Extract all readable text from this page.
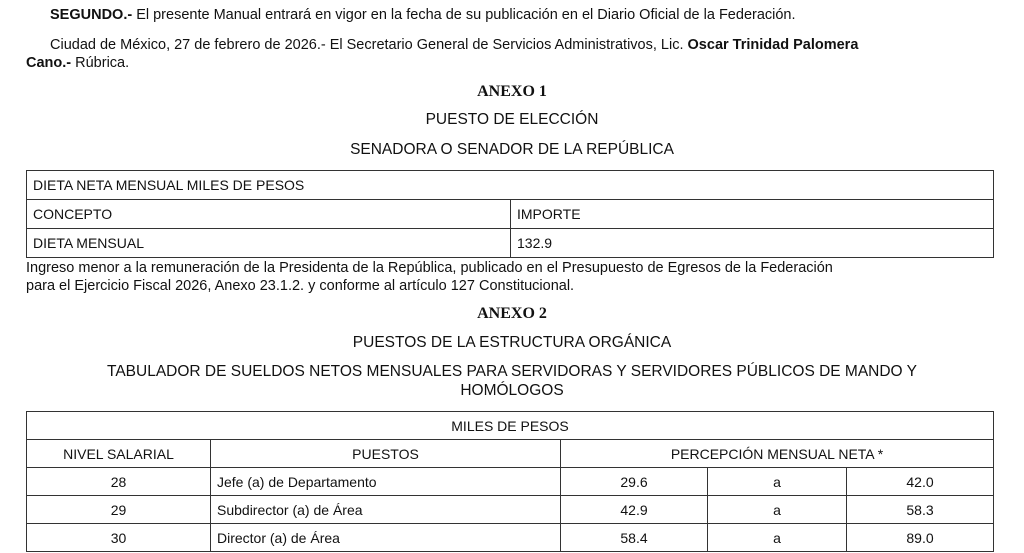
SEGUNDO.- El presente Manual entrará en vigor en la fecha de su publicación en el Diario Oficial de la Federación.
Ciudad de México, 27 de febrero de 2026.- El Secretario General de Servicios Administrativos, Lic. Oscar Trinidad Palomera
Cano.- Rúbrica.
ANEXO 1
PUESTO DE ELECCIÓN
SENADORA O SENADOR DE LA REPÚBLICA
DIETA NETA MENSUAL MILES DE PESOS	
CONCEPTO	IMPORTE
DIETA MENSUAL	132.9
Ingreso menor a la remuneración de la Presidenta de la República, publicado en el Presupuesto de Egresos de la Federación
para el Ejercicio Fiscal 2026, Anexo 23.1.2. y conforme al artículo 127 Constitucional.
ANEXO 2
PUESTOS DE LA ESTRUCTURA ORGÁNICA
TABULADOR DE SUELDOS NETOS MENSUALES PARA SERVIDORAS Y SERVIDORES PÚBLICOS DE MANDO Y
HOMÓLOGOS
MILES DE PESOS				
NIVEL SALARIAL	PUESTOS	PERCEPCIÓN MENSUAL NETA *		
28	Jefe (a) de Departamento	29.6	a	42.0
29	Subdirector (a) de Área	42.9	a	58.3
30	Director (a) de Área	58.4	a	89.0
